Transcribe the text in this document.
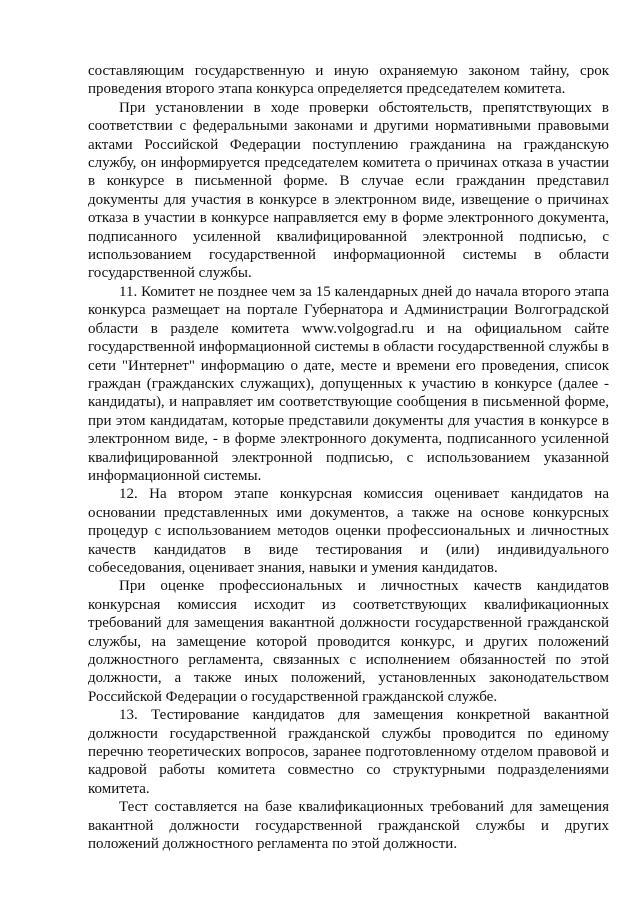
составляющим государственную и иную охраняемую законом тайну, срок проведения второго этапа конкурса определяется председателем комитета.

При установлении в ходе проверки обстоятельств, препятствующих в соответствии с федеральными законами и другими нормативными правовыми актами Российской Федерации поступлению гражданина на гражданскую службу, он информируется председателем комитета о причинах отказа в участии в конкурсе в письменной форме. В случае если гражданин представил документы для участия в конкурсе в электронном виде, извещение о причинах отказа в участии в конкурсе направляется ему в форме электронного документа, подписанного усиленной квалифицированной электронной подписью, с использованием государственной информационной системы в области государственной службы.

11. Комитет не позднее чем за 15 календарных дней до начала второго этапа конкурса размещает на портале Губернатора и Администрации Волгоградской области в разделе комитета www.volgograd.ru и на официальном сайте государственной информационной системы в области государственной службы в сети "Интернет" информацию о дате, месте и времени его проведения, список граждан (гражданских служащих), допущенных к участию в конкурсе (далее - кандидаты), и направляет им соответствующие сообщения в письменной форме, при этом кандидатам, которые представили документы для участия в конкурсе в электронном виде, - в форме электронного документа, подписанного усиленной квалифицированной электронной подписью, с использованием указанной информационной системы.

12. На втором этапе конкурсная комиссия оценивает кандидатов на основании представленных ими документов, а также на основе конкурсных процедур с использованием методов оценки профессиональных и личностных качеств кандидатов в виде тестирования и (или) индивидуального собеседования, оценивает знания, навыки и умения кандидатов.

При оценке профессиональных и личностных качеств кандидатов конкурсная комиссия исходит из соответствующих квалификационных требований для замещения вакантной должности государственной гражданской службы, на замещение которой проводится конкурс, и других положений должностного регламента, связанных с исполнением обязанностей по этой должности, а также иных положений, установленных законодательством Российской Федерации о государственной гражданской службе.

13. Тестирование кандидатов для замещения конкретной вакантной должности государственной гражданской службы проводится по единому перечню теоретических вопросов, заранее подготовленному отделом правовой и кадровой работы комитета совместно со структурными подразделениями комитета.

Тест составляется на базе квалификационных требований для замещения вакантной должности государственной гражданской службы и других положений должностного регламента по этой должности.
